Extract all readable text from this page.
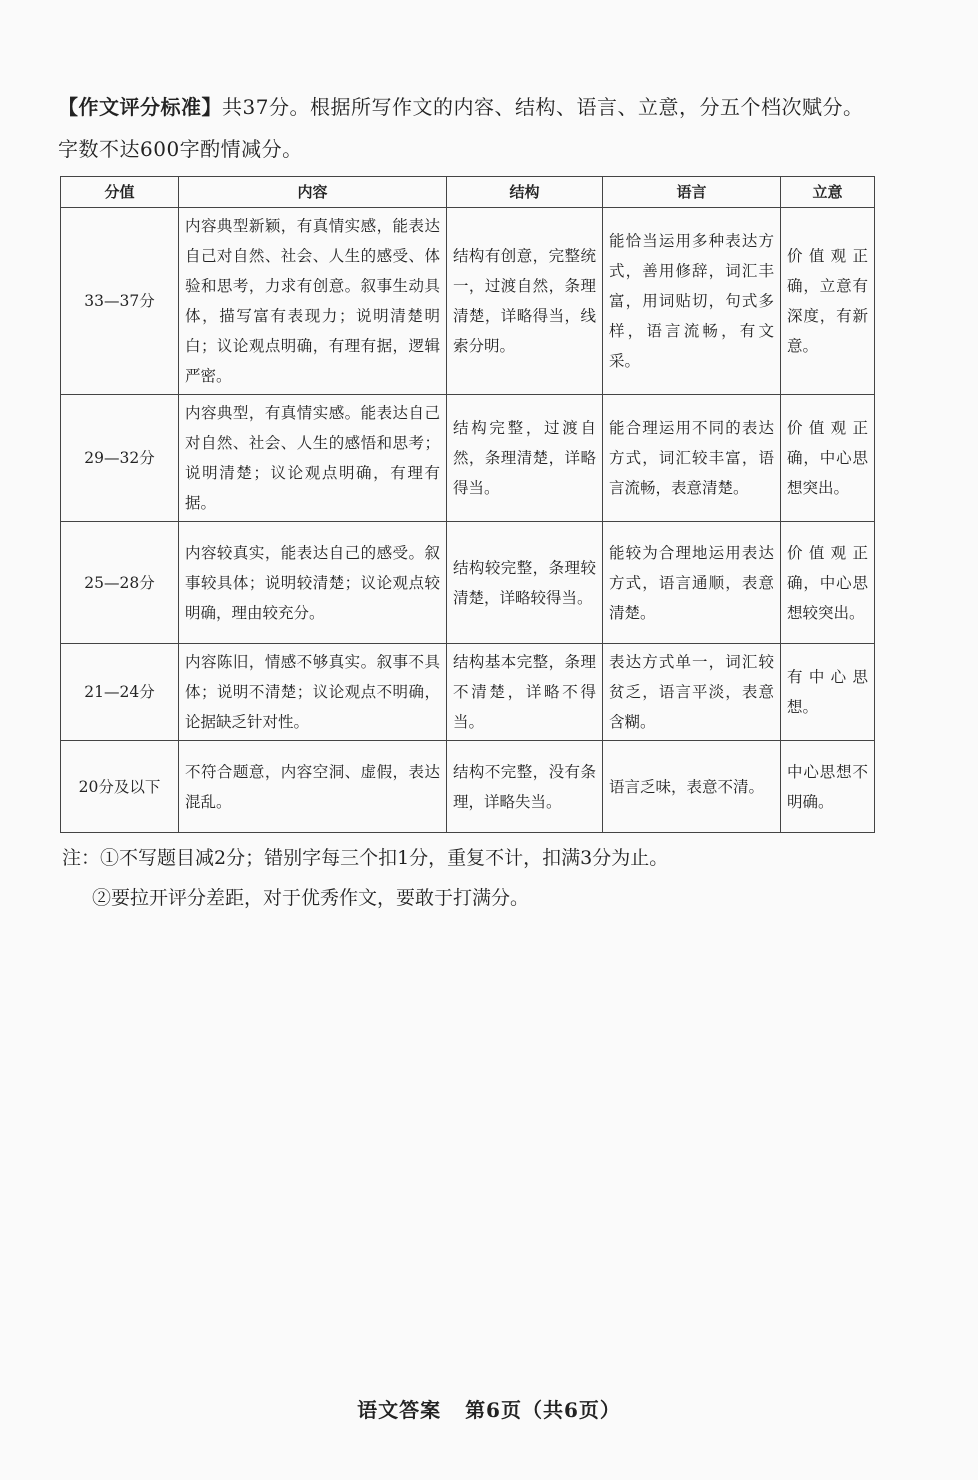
【作文评分标准】共37分。根据所写作文的内容、结构、语言、立意，分五个档次赋分。
字数不达600字酌情减分。
分值	内容	结构	语言	立意
33—37分	内容典型新颖，有真情实感，能表达自己对自然、社会、人生的感受、体验和思考，力求有创意。叙事生动具体，描写富有表现力；说明清楚明白；议论观点明确，有理有据，逻辑严密。	结构有创意，完整统一，过渡自然，条理清楚，详略得当，线索分明。	能恰当运用多种表达方式，善用修辞，词汇丰富，用词贴切，句式多样，语言流畅，有文采。	价值观正确，立意有深度，有新意。
29—32分	内容典型，有真情实感。能表达自己对自然、社会、人生的感悟和思考；说明清楚；议论观点明确，有理有据。	结构完整，过渡自然，条理清楚，详略得当。	能合理运用不同的表达方式，词汇较丰富，语言流畅，表意清楚。	价值观正确，中心思想突出。
25—28分	内容较真实，能表达自己的感受。叙事较具体；说明较清楚；议论观点较明确，理由较充分。	结构较完整，条理较清楚，详略较得当。	能较为合理地运用表达方式，语言通顺，表意清楚。	价值观正确，中心思想较突出。
21—24分	内容陈旧，情感不够真实。叙事不具体；说明不清楚；议论观点不明确，论据缺乏针对性。	结构基本完整，条理不清楚，详略不得当。	表达方式单一，词汇较贫乏，语言平淡，表意含糊。	有中心思想。
20分及以下	不符合题意，内容空洞、虚假，表达混乱。	结构不完整，没有条理，详略失当。	语言乏味，表意不清。	中心思想不明确。
注：①不写题目减2分；错别字每三个扣1分，重复不计，扣满3分为止。
②要拉开评分差距，对于优秀作文，要敢于打满分。
语文答案 第6页（共6页）
